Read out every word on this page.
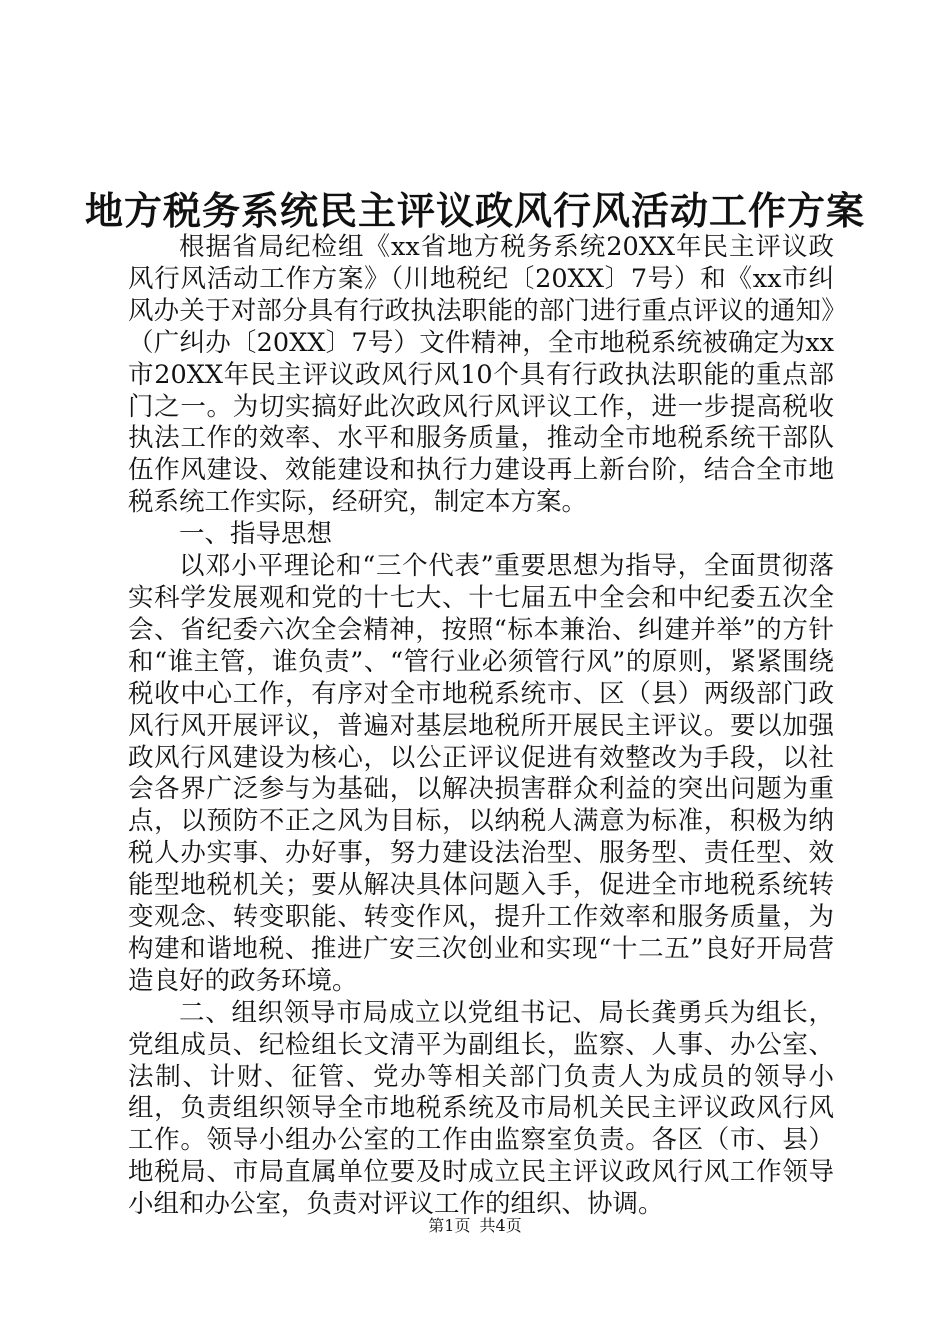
地方税务系统民主评议政风行风活动工作方案

根据省局纪检组《xx省地方税务系统20XX年民主评议政风行风活动工作方案》（川地税纪〔20XX〕7号）和《xx市纠风办关于对部分具有行政执法职能的部门进行重点评议的通知》（广纠办〔20XX〕7号）文件精神，全市地税系统被确定为xx市20XX年民主评议政风行风10个具有行政执法职能的重点部门之一。为切实搞好此次政风行风评议工作，进一步提高税收执法工作的效率、水平和服务质量，推动全市地税系统干部队伍作风建设、效能建设和执行力建设再上新台阶，结合全市地税系统工作实际，经研究，制定本方案。

一、指导思想

以邓小平理论和“三个代表”重要思想为指导，全面贯彻落实科学发展观和党的十七大、十七届五中全会和中纪委五次全会、省纪委六次全会精神，按照“标本兼治、纠建并举”的方针和“谁主管，谁负责”、“管行业必须管行风”的原则，紧紧围绕税收中心工作，有序对全市地税系统市、区（县）两级部门政风行风开展评议，普遍对基层地税所开展民主评议。要以加强政风行风建设为核心，以公正评议促进有效整改为手段，以社会各界广泛参与为基础，以解决损害群众利益的突出问题为重点，以预防不正之风为目标，以纳税人满意为标准，积极为纳税人办实事、办好事，努力建设法治型、服务型、责任型、效能型地税机关；要从解决具体问题入手，促进全市地税系统转变观念、转变职能、转变作风，提升工作效率和服务质量，为构建和谐地税、推进广安三次创业和实现“十二五”良好开局营造良好的政务环境。

二、组织领导市局成立以党组书记、局长龚勇兵为组长，党组成员、纪检组长文清平为副组长，监察、人事、办公室、法制、计财、征管、党办等相关部门负责人为成员的领导小组，负责组织领导全市地税系统及市局机关民主评议政风行风工作。领导小组办公室的工作由监察室负责。各区（市、县）地税局、市局直属单位要及时成立民主评议政风行风工作领导小组和办公室，负责对评议工作的组织、协调。

第1页 共4页
